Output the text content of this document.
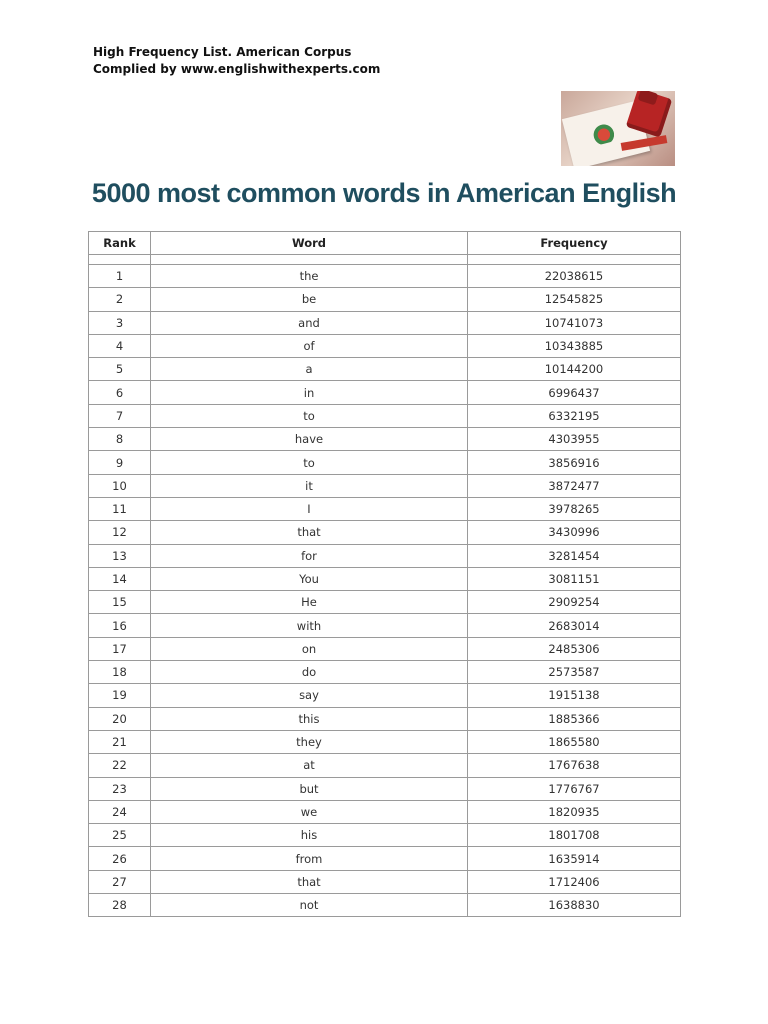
High Frequency List. American Corpus
Complied by www.englishwithexperts.com
5000 most common words in American English
Rank	Word	Frequency

1	the	22038615
2	be	12545825
3	and	10741073
4	of	10343885
5	a	10144200
6	in	6996437
7	to	6332195
8	have	4303955
9	to	3856916
10	it	3872477
11	I	3978265
12	that	3430996
13	for	3281454
14	You	3081151
15	He	2909254
16	with	2683014
17	on	2485306
18	do	2573587
19	say	1915138
20	this	1885366
21	they	1865580
22	at	1767638
23	but	1776767
24	we	1820935
25	his	1801708
26	from	1635914
27	that	1712406
28	not	1638830
